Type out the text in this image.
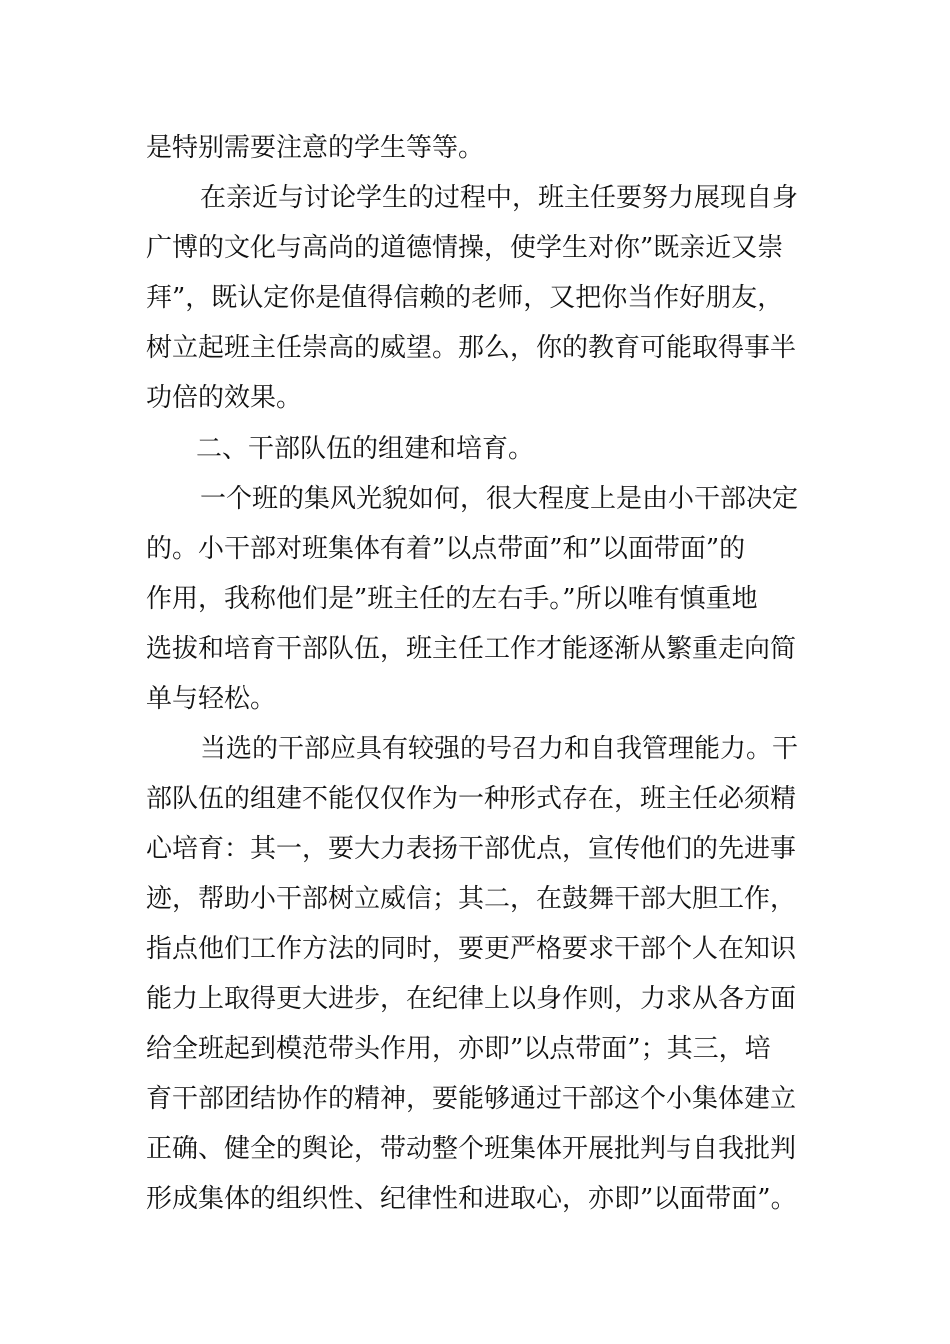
是特别需要注意的学生等等。
在亲近与讨论学生的过程中，班主任要努力展现自身
广博的文化与高尚的道德情操，使学生对你”既亲近又崇
拜”，既认定你是值得信赖的老师，又把你当作好朋友，
树立起班主任崇高的威望。那么，你的教育可能取得事半
功倍的效果。
二、干部队伍的组建和培育。
一个班的集风光貌如何，很大程度上是由小干部决定
的。小干部对班集体有着”以点带面”和”以面带面”的
作用，我称他们是”班主任的左右手。”所以唯有慎重地
选拔和培育干部队伍，班主任工作才能逐渐从繁重走向简
单与轻松。
当选的干部应具有较强的号召力和自我管理能力。干
部队伍的组建不能仅仅作为一种形式存在，班主任必须精
心培育：其一，要大力表扬干部优点，宣传他们的先进事
迹，帮助小干部树立威信；其二，在鼓舞干部大胆工作，
指点他们工作方法的同时，要更严格要求干部个人在知识
能力上取得更大进步，在纪律上以身作则，力求从各方面
给全班起到模范带头作用，亦即”以点带面”；其三，培
育干部团结协作的精神，要能够通过干部这个小集体建立
正确、健全的舆论，带动整个班集体开展批判与自我批判
形成集体的组织性、纪律性和进取心，亦即”以面带面”。
